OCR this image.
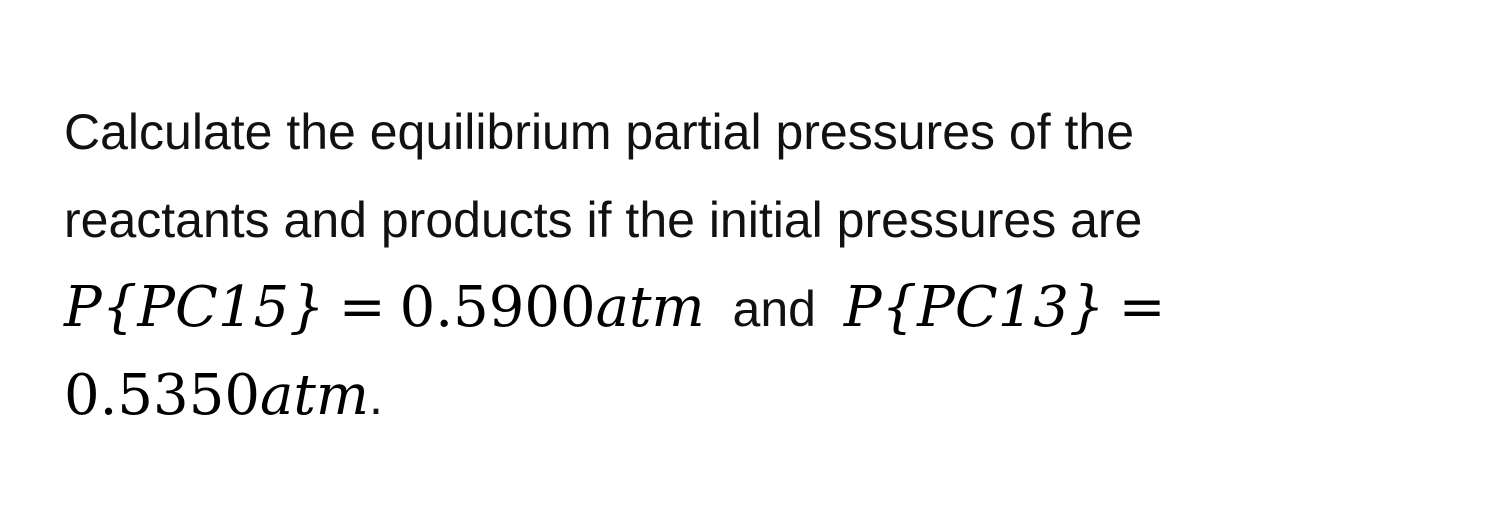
Calculate the equilibrium partial pressures of the
reactants and products if the initial pressures are
P{PC15} = 0.5900atm and P{PC13} =
0.5350atm.
